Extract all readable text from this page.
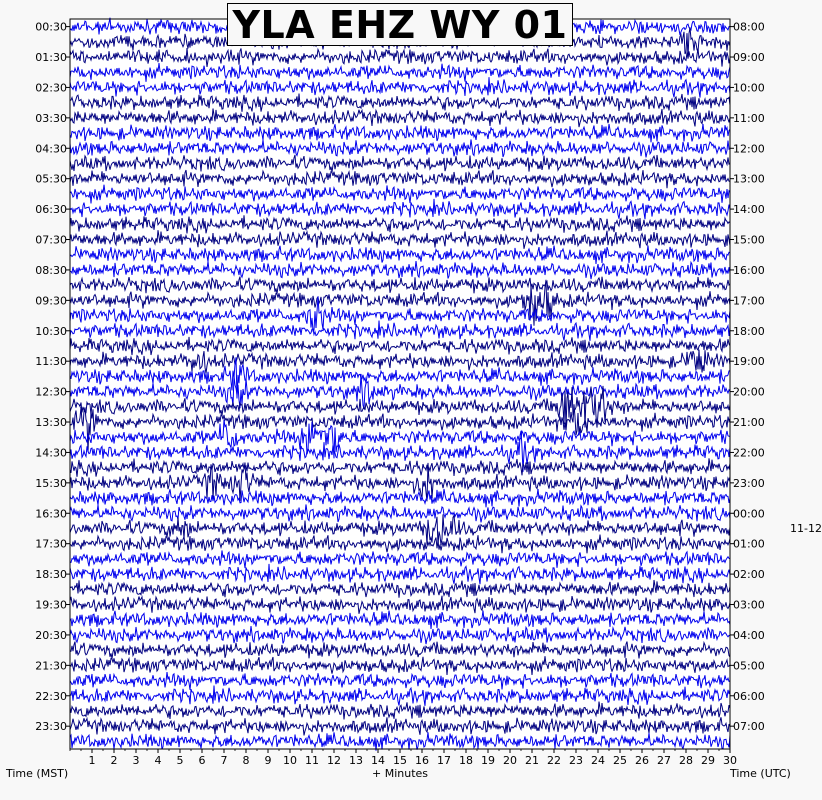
1 2 3 4 5 6 7 8 9 10 11 12 13 14 15 16 17 18 19 20 21 22 23 24 25 26 27 28 29 30
00:30
01:30
02:30
03:30
04:30
05:30
06:30
07:30
08:30
09:30
10:30
11:30
12:30
13:30
14:30
15:30
16:30
17:30
18:30
19:30
20:30
21:30
22:30
23:30
08:00
09:00
10:00
11:00
12:00
13:00
14:00
15:00
16:00
17:00
18:00
19:00
20:00
21:00
22:00
23:00
00:00
01:00
02:00
03:00
04:00
05:00
06:00
07:00
YLA EHZ WY 01
11-12
Time (MST)	+ Minutes	Time (UTC)
